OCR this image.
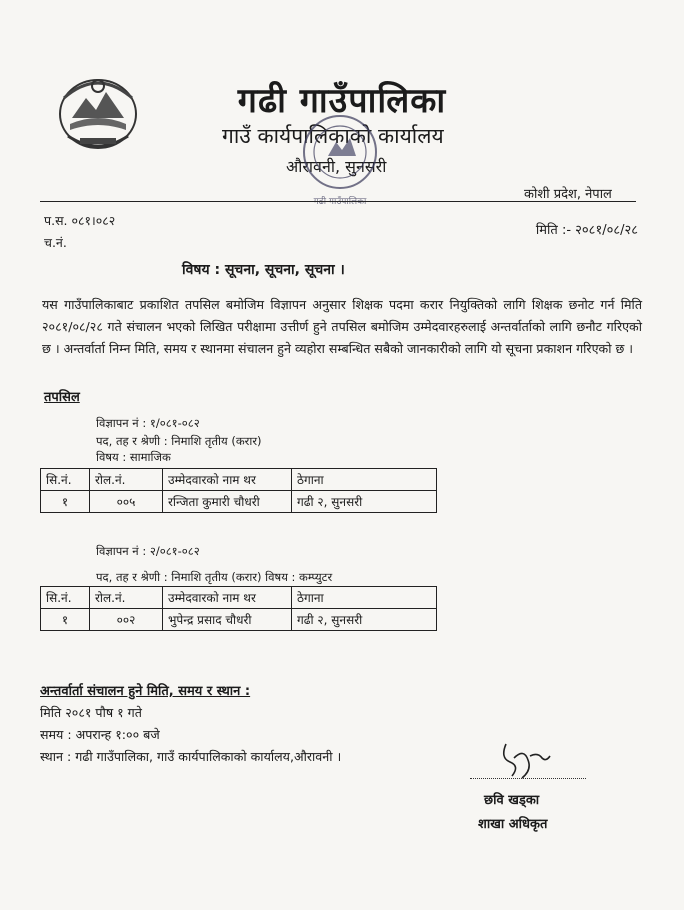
गढी गाउँपालिका
गाउँ कार्यपालिकाको कार्यालय
औरावनी, सुनसरी
कोशी प्रदेश, नेपाल
गढी गाउँपालिका
प.स. ०८१।०८२
च.नं.
मिति :- २०८१/०८/२८
विषय : सूचना, सूचना, सूचना ।
यस गाउँपालिकाबाट प्रकाशित तपसिल बमोजिम विज्ञापन अनुसार शिक्षक पदमा करार नियुक्तिको लागि शिक्षक छनोट गर्न मिति २०८१/०८/२८ गते संचालन भएको लिखित परीक्षामा उत्तीर्ण हुने तपसिल बमोजिम उम्मेदवारहरुलाई अन्तर्वार्ताको लागि छनौट गरिएको छ । अन्तर्वार्ता निम्न मिति, समय र स्थानमा संचालन हुने व्यहोरा सम्बन्धित सबैको जानकारीको लागि यो सूचना प्रकाशन गरिएको छ ।
तपसिल
विज्ञापन नं : १/०८१-०८२
पद, तह र श्रेणी : निमाशि तृतीय (करार)
विषय : सामाजिक
सि.नं.	रोल.नं.	उम्मेदवारको नाम थर	ठेगाना
१	००५	रन्जिता कुमारी चौधरी	गढी २, सुनसरी
विज्ञापन नं : २/०८१-०८२
पद, तह र श्रेणी : निमाशि तृतीय (करार) विषय : कम्प्युटर
सि.नं.	रोल.नं.	उम्मेदवारको नाम थर	ठेगाना
१	००२	भुपेन्द्र प्रसाद चौधरी	गढी २, सुनसरी
अन्तर्वार्ता संचालन हुने मिति, समय र स्थान :
मिति २०८१ पौष १ गते
समय : अपरान्ह १:०० बजे
स्थान : गढी गाउँपालिका, गाउँ कार्यपालिकाको कार्यालय,औरावनी ।
छवि खड्का
शाखा अधिकृत
